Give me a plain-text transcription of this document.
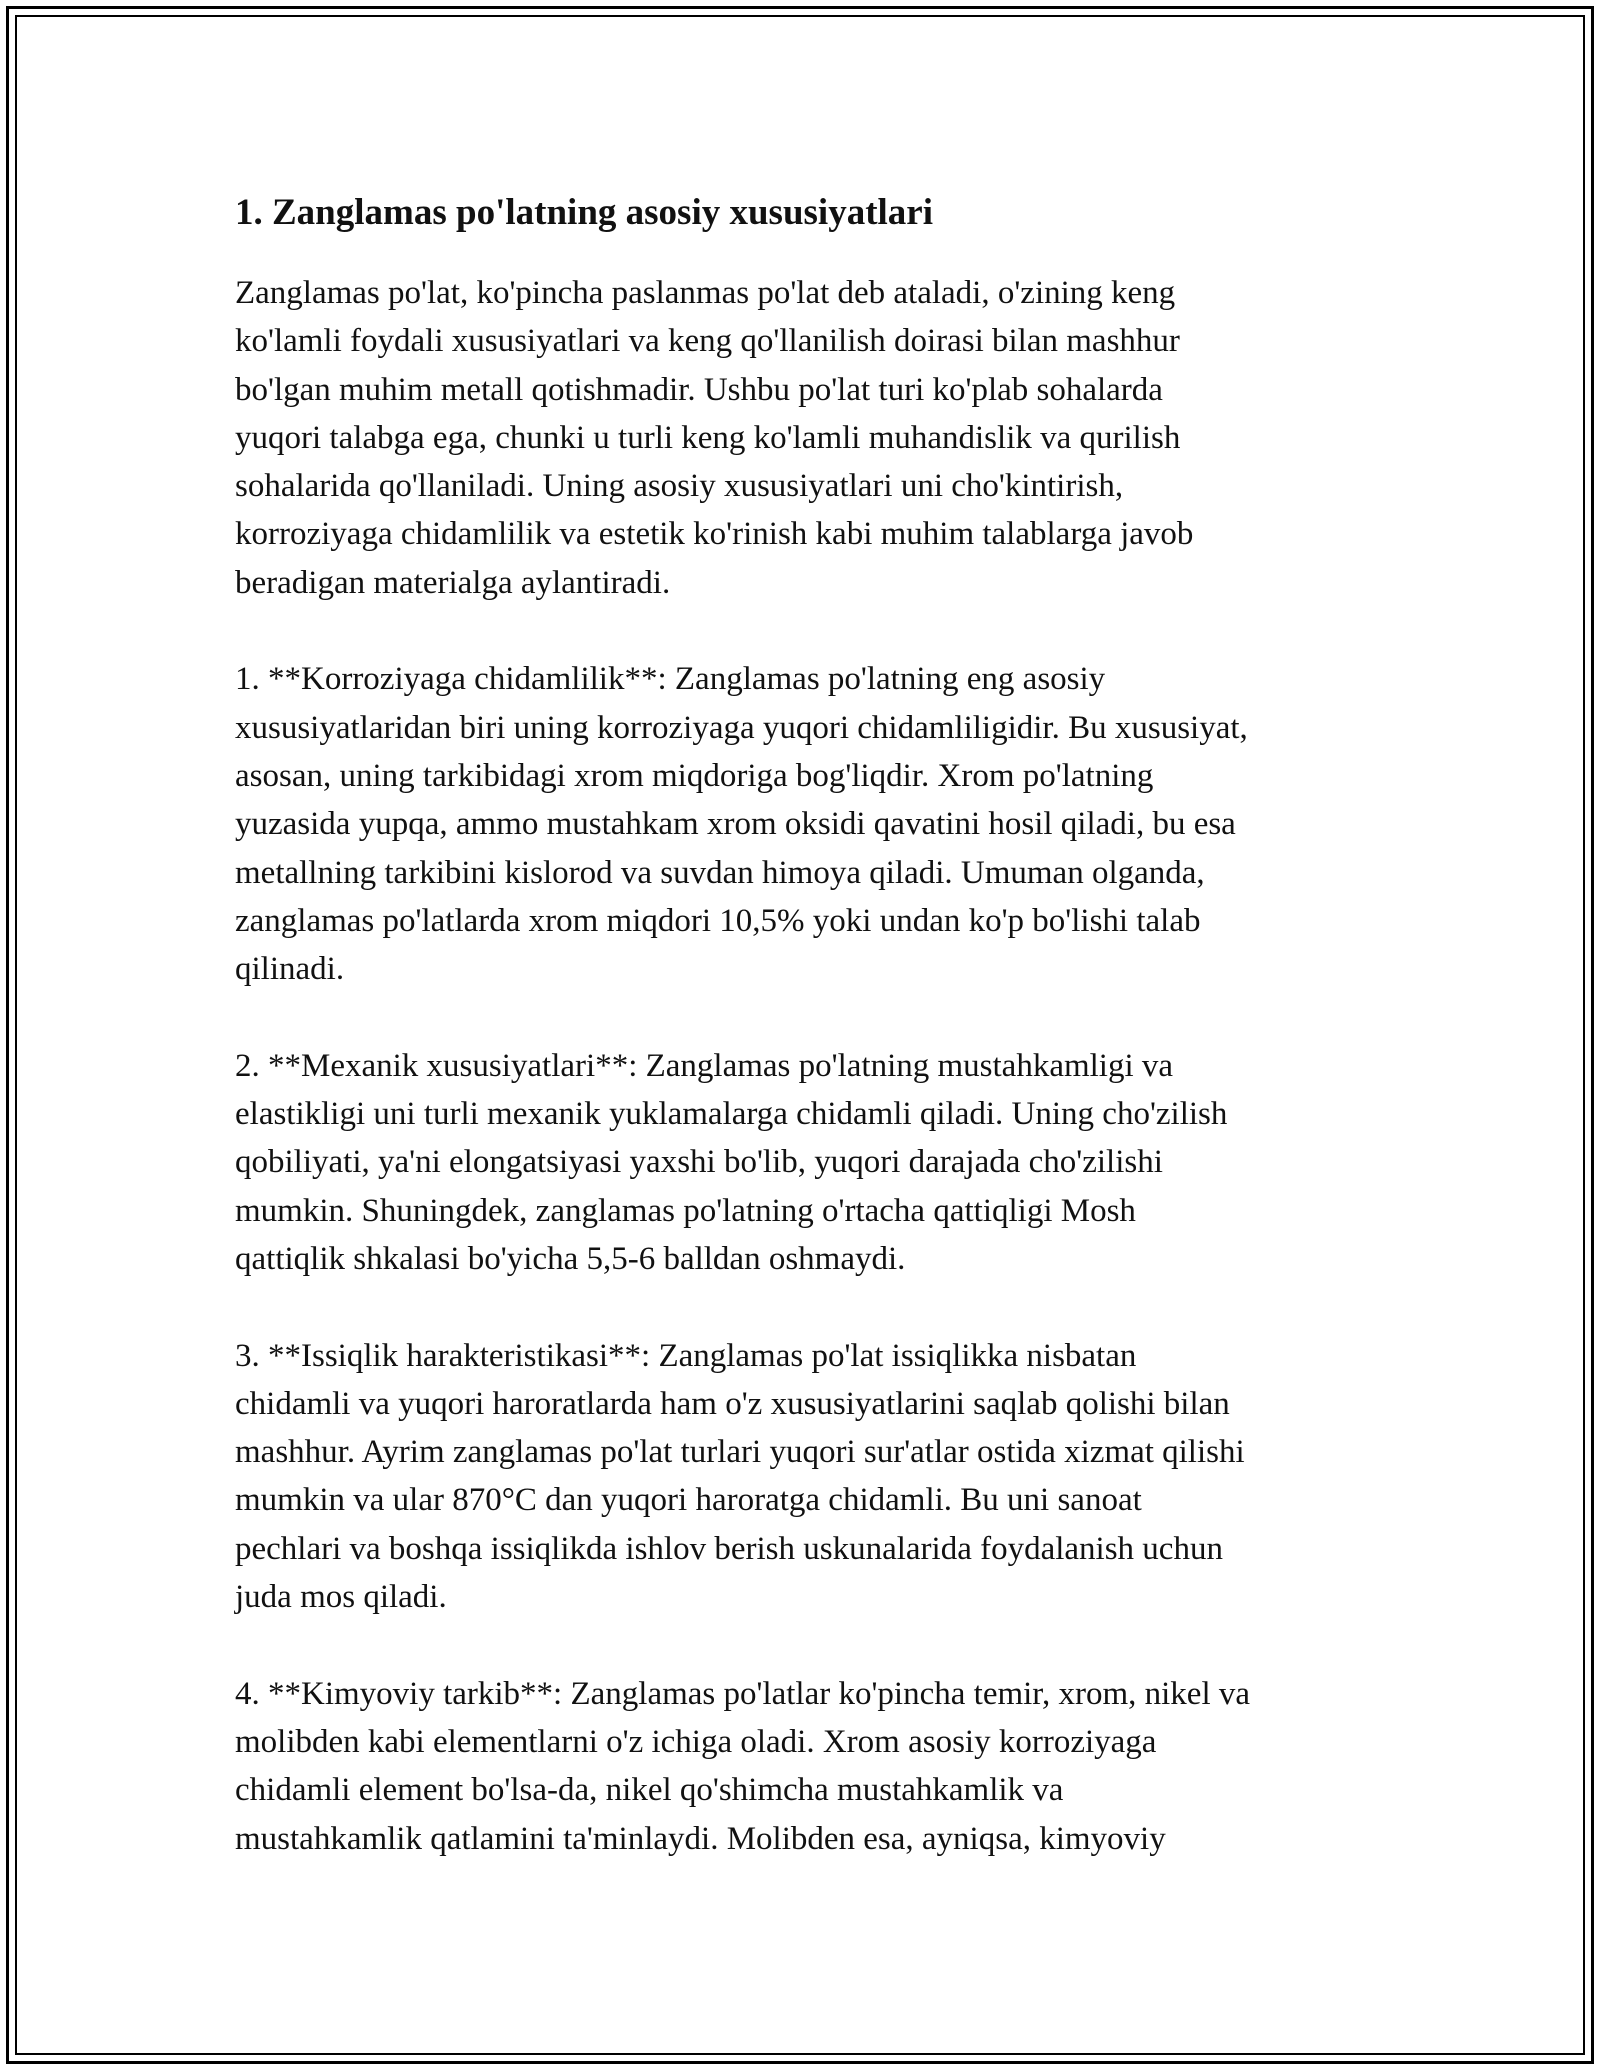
1. Zanglamas po'latning asosiy xususiyatlari

Zanglamas po'lat, ko'pincha paslanmas po'lat deb ataladi, o'zining keng
ko'lamli foydali xususiyatlari va keng qo'llanilish doirasi bilan mashhur
bo'lgan muhim metall qotishmadir. Ushbu po'lat turi ko'plab sohalarda
yuqori talabga ega, chunki u turli keng ko'lamli muhandislik va qurilish
sohalarida qo'llaniladi. Uning asosiy xususiyatlari uni cho'kintirish,
korroziyaga chidamlilik va estetik ko'rinish kabi muhim talablarga javob
beradigan materialga aylantiradi.

1. **Korroziyaga chidamlilik**: Zanglamas po'latning eng asosiy
xususiyatlaridan biri uning korroziyaga yuqori chidamliligidir. Bu xususiyat,
asosan, uning tarkibidagi xrom miqdoriga bog'liqdir. Xrom po'latning
yuzasida yupqa, ammo mustahkam xrom oksidi qavatini hosil qiladi, bu esa
metallning tarkibini kislorod va suvdan himoya qiladi. Umuman olganda,
zanglamas po'latlarda xrom miqdori 10,5% yoki undan ko'p bo'lishi talab
qilinadi.

2. **Mexanik xususiyatlari**: Zanglamas po'latning mustahkamligi va
elastikligi uni turli mexanik yuklamalarga chidamli qiladi. Uning cho'zilish
qobiliyati, ya'ni elongatsiyasi yaxshi bo'lib, yuqori darajada cho'zilishi
mumkin. Shuningdek, zanglamas po'latning o'rtacha qattiqligi Mosh
qattiqlik shkalasi bo'yicha 5,5-6 balldan oshmaydi.

3. **Issiqlik harakteristikasi**: Zanglamas po'lat issiqlikka nisbatan
chidamli va yuqori haroratlarda ham o'z xususiyatlarini saqlab qolishi bilan
mashhur. Ayrim zanglamas po'lat turlari yuqori sur'atlar ostida xizmat qilishi
mumkin va ular 870°C dan yuqori haroratga chidamli. Bu uni sanoat
pechlari va boshqa issiqlikda ishlov berish uskunalarida foydalanish uchun
juda mos qiladi.

4. **Kimyoviy tarkib**: Zanglamas po'latlar ko'pincha temir, xrom, nikel va
molibden kabi elementlarni o'z ichiga oladi. Xrom asosiy korroziyaga
chidamli element bo'lsa-da, nikel qo'shimcha mustahkamlik va
mustahkamlik qatlamini ta'minlaydi. Molibden esa, ayniqsa, kimyoviy
